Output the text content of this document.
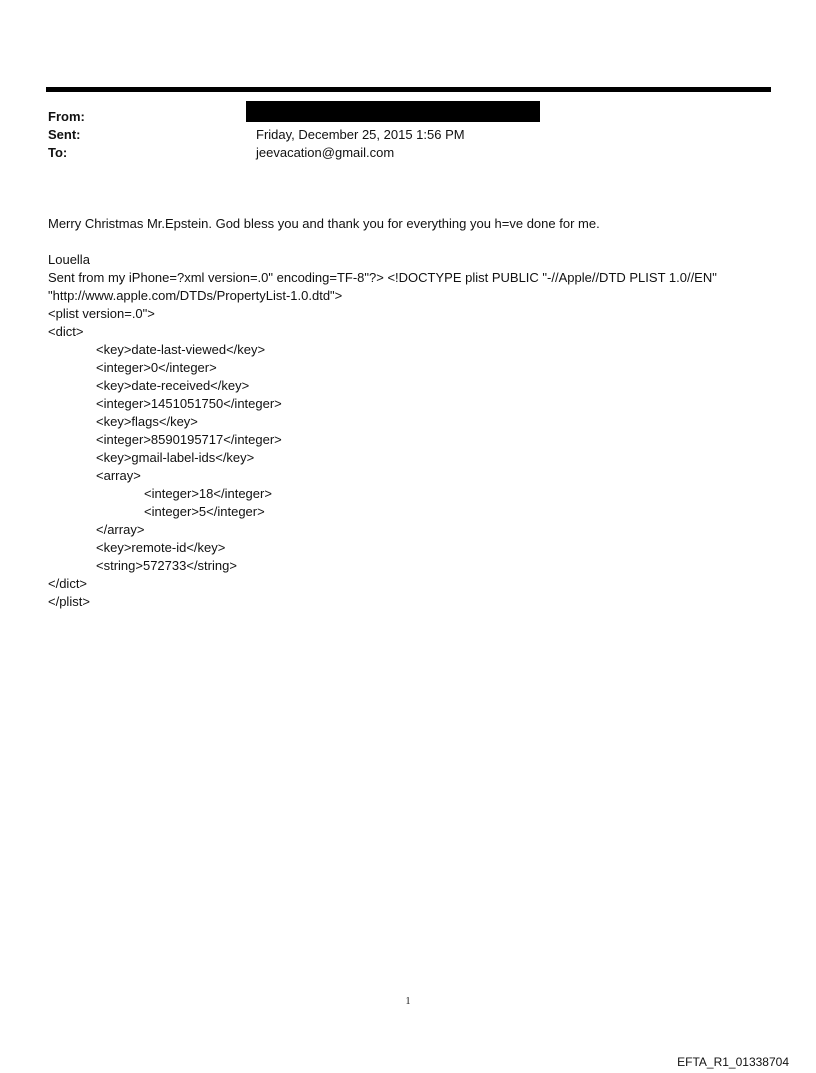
From:
Sent:	Friday, December 25, 2015 1:56 PM
To:	jeevacation@gmail.com
Merry Christmas Mr.Epstein. God bless you and thank you for everything you h=ve done for me.
Louella
Sent from my iPhone=?xml version=.0" encoding=TF-8"?> <!DOCTYPE plist PUBLIC "-//Apple//DTD PLIST 1.0//EN"
"http://www.apple.com/DTDs/PropertyList-1.0.dtd">
<plist version=.0">
<dict>
<key>date-last-viewed</key>
<integer>0</integer>
<key>date-received</key>
<integer>1451051750</integer>
<key>flags</key>
<integer>8590195717</integer>
<key>gmail-label-ids</key>
<array>
<integer>18</integer>
<integer>5</integer>
</array>
<key>remote-id</key>
<string>572733</string>
</dict>
</plist>
1
EFTA_R1_01338704
